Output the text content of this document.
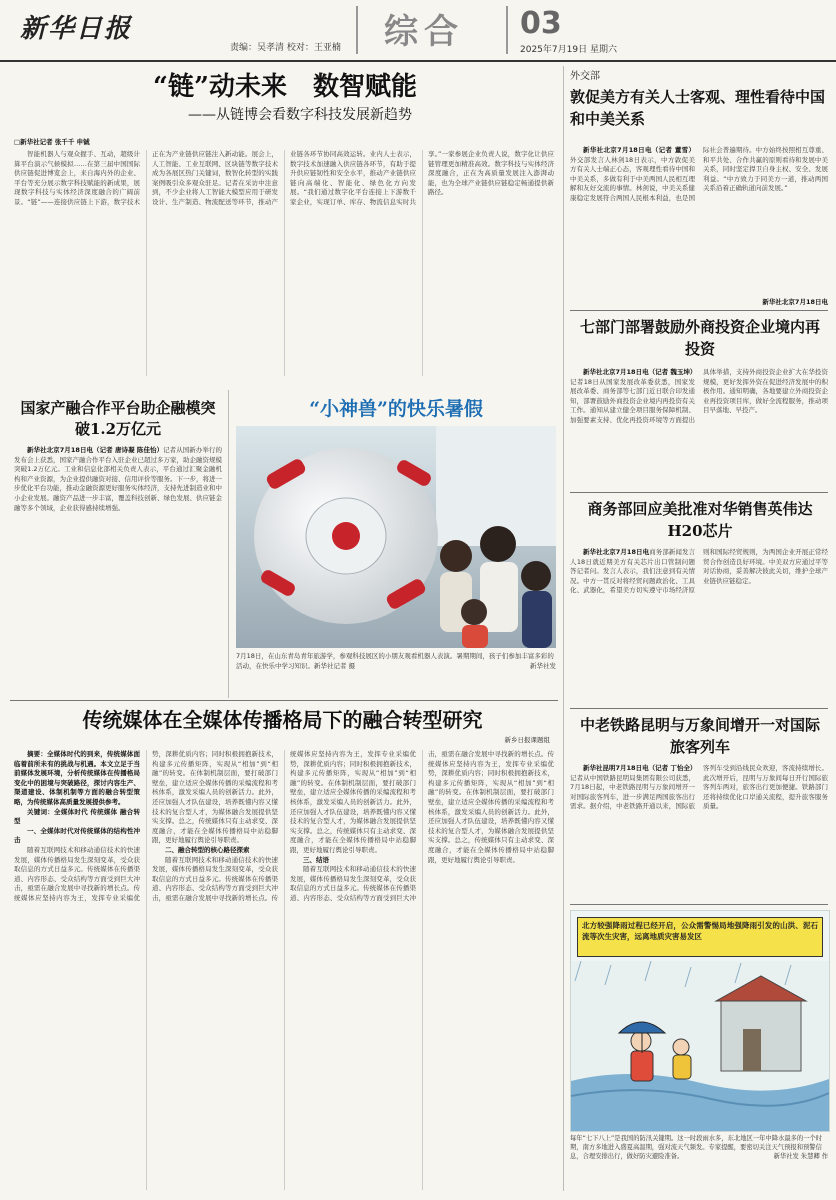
新华日报
责编：吴孝清 校对：王亚楠 综合 03
2025年7月19日 星期六
“链”动未来　数智赋能
——从链博会看数字科技发展新趋势
□新华社记者 张千千 申铖

智能机器人与观众握手、互动，超级计算平台演示气候模拟……在第三届中国国际供应链促进博览会上，来自海内外的企业、平台等充分展示数字科技赋能的新成果，展现数字科技与实体经济深度融合的广阔前景。“链”——连接供应链上下游，数字技术正在为产业链供应链注入新动能。展会上，人工智能、工业互联网、区块链等数字技术成为各展区热门关键词，数智化转型的实践案例吸引众多观众驻足。记者在采访中注意到，不少企业将人工智能大模型应用于研发设计、生产制造、物流配送等环节，推动产业链各环节协同高效运转。业内人士表示，数字技术加速融入供应链各环节，有助于提升供应链韧性和安全水平，推动产业链供应链向高端化、智能化、绿色化方向发展。“我们通过数字化平台连接上下游数千家企业，实现订单、库存、物流信息实时共享。”一家参展企业负责人说，数字化让供应链管理更加精准高效。数字科技与实体经济深度融合，正在为高质量发展注入澎湃动能，也为全球产业链供应链稳定畅通提供新路径。

国家产融合作平台助企融模突破1.2万亿元

新华社北京7月18日电（记者 唐诗凝 陈佳怡）记者从国新办举行的发布会上获悉，国家产融合作平台入驻企业已超过多万家，助企融资规模突破1.2万亿元。工业和信息化部相关负责人表示，平台通过汇聚金融机构和产业资源，为企业提供融资对接、信用评价等服务。下一步，将进一步优化平台功能，推动金融资源更好服务实体经济，支持先进制造业和中小企业发展。融资产品进一步丰富，覆盖科技创新、绿色发展、供应链金融等多个领域，企业获得感持续增强。

“小神兽”的快乐暑假
7月18日，在山东青岛青年旅游学，参观科技展区的小朋友观看机器人表演。暑期期间，孩子们参加丰富多彩的活动，在快乐中学习知识。新华社记者 摄	新华社发
传统媒体在全媒体传播格局下的融合转型研究
新乡日报课题组

摘要：全媒体时代的到来，传统媒体面临着前所未有的挑战与机遇。本文立足于当前媒体发展环境，分析传统媒体在传播格局变化中的困境与突破路径，探讨内容生产、渠道建设、体制机制等方面的融合转型策略，为传统媒体高质量发展提供参考。

关键词：全媒体时代 传统媒体 融合转型

一、全媒体时代对传统媒体的结构性冲击

随着互联网技术和移动通信技术的快速发展，媒体传播格局发生深刻变革，受众获取信息的方式日益多元。传统媒体在传播渠道、内容形态、受众结构等方面受到巨大冲击，亟需在融合发展中寻找新的增长点。传统媒体应坚持内容为王，发挥专业采编优势，深耕优质内容；同时积极拥抱新技术，构建多元传播矩阵，实现从“相加”到“相融”的转变。在体制机制层面，要打破部门壁垒，建立适应全媒体传播的采编流程和考核体系，激发采编人员的创新活力。此外，还应加强人才队伍建设，培养既懂内容又懂技术的复合型人才，为媒体融合发展提供坚实支撑。总之，传统媒体只有主动求变、深度融合，才能在全媒体传播格局中站稳脚跟，更好地履行舆论引导职责。

二、融合转型的核心路径探索

随着互联网技术和移动通信技术的快速发展，媒体传播格局发生深刻变革，受众获取信息的方式日益多元。传统媒体在传播渠道、内容形态、受众结构等方面受到巨大冲击，亟需在融合发展中寻找新的增长点。传统媒体应坚持内容为王，发挥专业采编优势，深耕优质内容；同时积极拥抱新技术，构建多元传播矩阵，实现从“相加”到“相融”的转变。在体制机制层面，要打破部门壁垒，建立适应全媒体传播的采编流程和考核体系，激发采编人员的创新活力。此外，还应加强人才队伍建设，培养既懂内容又懂技术的复合型人才，为媒体融合发展提供坚实支撑。总之，传统媒体只有主动求变、深度融合，才能在全媒体传播格局中站稳脚跟，更好地履行舆论引导职责。

三、结语

随着互联网技术和移动通信技术的快速发展，媒体传播格局发生深刻变革，受众获取信息的方式日益多元。传统媒体在传播渠道、内容形态、受众结构等方面受到巨大冲击，亟需在融合发展中寻找新的增长点。传统媒体应坚持内容为王，发挥专业采编优势，深耕优质内容；同时积极拥抱新技术，构建多元传播矩阵，实现从“相加”到“相融”的转变。在体制机制层面，要打破部门壁垒，建立适应全媒体传播的采编流程和考核体系，激发采编人员的创新活力。此外，还应加强人才队伍建设，培养既懂内容又懂技术的复合型人才，为媒体融合发展提供坚实支撑。总之，传统媒体只有主动求变、深度融合，才能在全媒体传播格局中站稳脚跟，更好地履行舆论引导职责。

外交部
敦促美方有关人士客观、理性看待中国和中美关系

新华社北京7月18日电（记者 董雪）外交部发言人林剑18日表示，中方敦促美方有关人士端正心态，客观理性看待中国和中美关系，多做有利于中美两国人民相互理解和友好交流的事情。林剑说，中美关系健康稳定发展符合两国人民根本利益，也是国际社会普遍期待。中方始终按照相互尊重、和平共处、合作共赢的原则看待和发展中美关系，同时坚定捍卫自身主权、安全、发展利益。“中方致力于同美方一道，推动两国关系沿着正确轨道向前发展。”

七部门部署鼓励外商投资企业境内再投资

新华社北京7月18日电（记者 魏玉坤）记者18日从国家发展改革委获悉，国家发展改革委、商务部等七部门近日联合印发通知，部署鼓励外商投资企业境内再投资有关工作。通知从建立健全项目服务保障机制、加强要素支持、优化再投资环境等方面提出具体举措，支持外商投资企业扩大在华投资规模，更好发挥外资在促进经济发展中的积极作用。通知明确，各地要建立外商投资企业再投资项目库，做好全流程服务，推动项目早落地、早投产。

商务部回应美批准对华销售英伟达H20芯片

新华社北京7月18日电商务部新闻发言人18日就近期美方有关芯片出口管制问题答记者问。发言人表示，我们注意到有关情况。中方一贯反对将经贸问题政治化、工具化、武器化，希望美方切实遵守市场经济原则和国际经贸规则，为两国企业开展正常经贸合作创造良好环境。中美双方应通过平等对话协商，妥善解决彼此关切，维护全球产业链供应链稳定。

中老铁路昆明与万象间增开一对国际旅客列车

新华社昆明7月18日电（记者 丁怡全）记者从中国铁路昆明局集团有限公司获悉，7月18日起，中老铁路昆明与万象间增开一对国际旅客列车，进一步满足两国旅客出行需求。据介绍，中老铁路开通以来，国际旅客列车受到沿线民众欢迎，客流持续增长。此次增开后，昆明与万象间每日开行国际旅客列车两对，旅客出行更加便捷。铁路部门还将持续优化口岸通关流程，提升旅客服务质量。

北方较强降雨过程已经开启，公众需警惕局地强降雨引发的山洪、泥石流等次生灾害，远离地质灾害易发区
每年“七下八上”是我国的防汛关键期。这一时段雨水多，东北地区一年中降水最多的一个时期，南方多地进入盛夏高温期，强对流天气频发。专家提醒，要密切关注天气预报和预警信息，合理安排出行，做好防灾避险准备。	新华社发 朱慧卿 作
新华社北京7月18日电
